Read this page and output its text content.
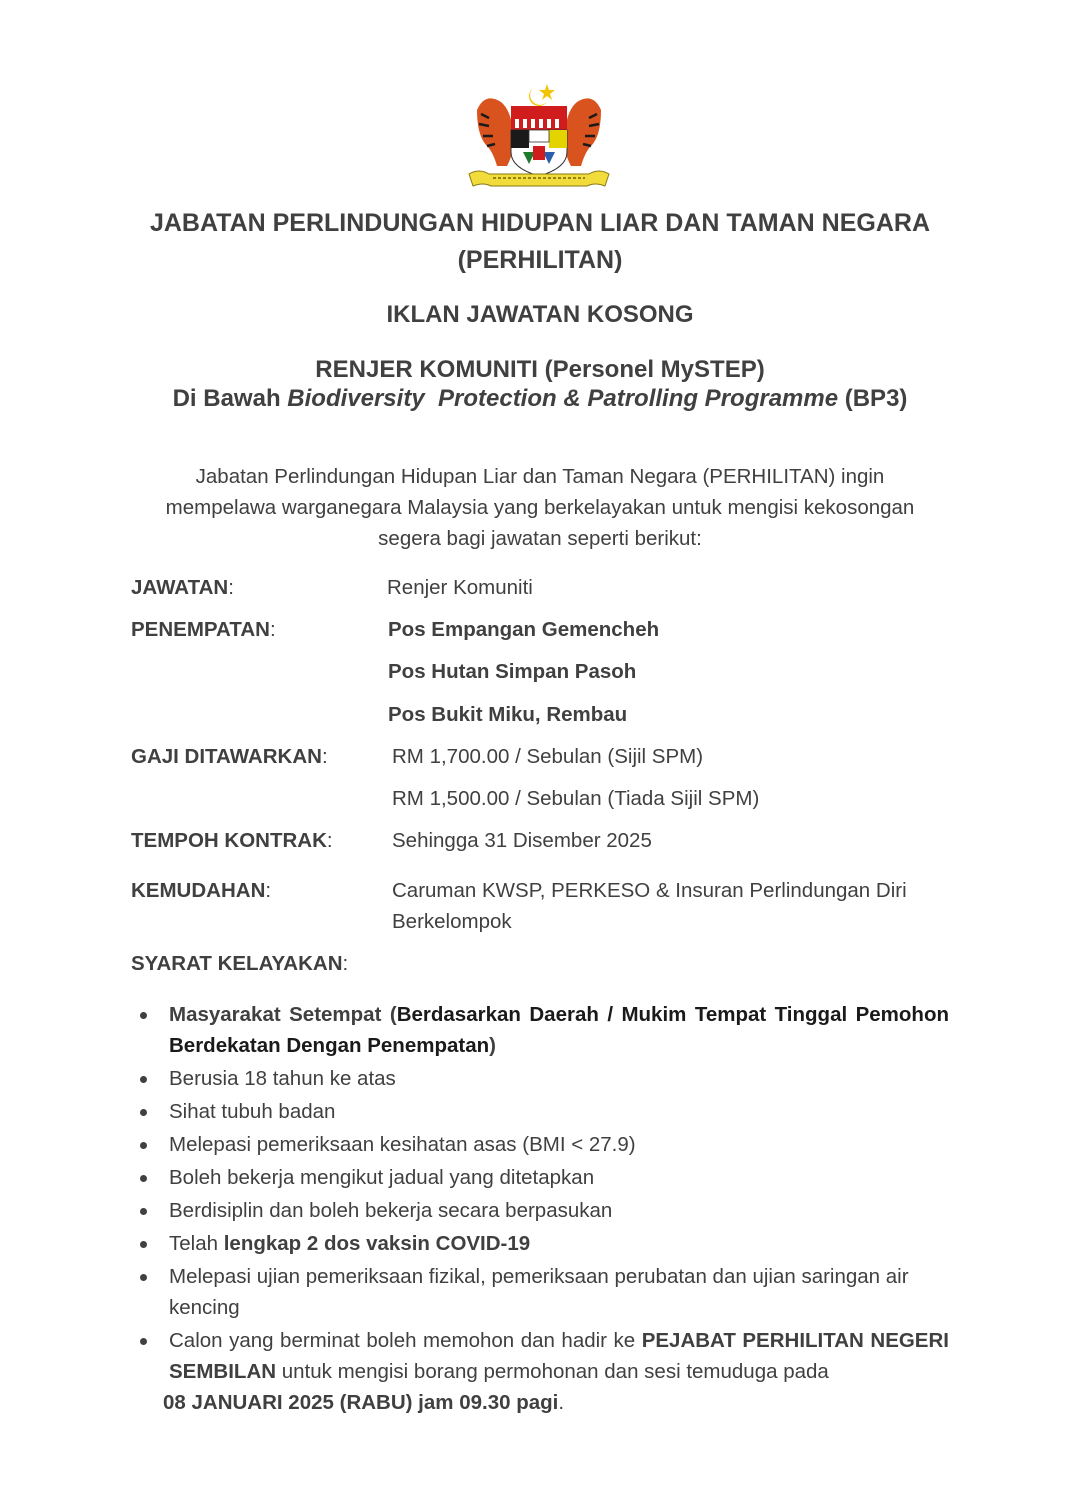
JABATAN PERLINDUNGAN HIDUPAN LIAR DAN TAMAN NEGARA
(PERHILITAN)
IKLAN JAWATAN KOSONG
RENJER KOMUNITI (Personel MySTEP)
Di Bawah Biodiversity  Protection & Patrolling Programme (BP3)
Jabatan Perlindungan Hidupan Liar dan Taman Negara (PERHILITAN) ingin
mempelawa warganegara Malaysia yang berkelayakan untuk mengisi kekosongan
segera bagi jawatan seperti berikut:
JAWATAN:	Renjer Komuniti
PENEMPATAN:	Pos Empangan Gemencheh
Pos Hutan Simpan Pasoh
Pos Bukit Miku, Rembau
GAJI DITAWARKAN:	RM 1,700.00 / Sebulan (Sijil SPM)
RM 1,500.00 / Sebulan (Tiada Sijil SPM)
TEMPOH KONTRAK:	Sehingga 31 Disember 2025
KEMUDAHAN:	Caruman KWSP, PERKESO & Insuran Perlindungan Diri
Berkelompok
SYARAT KELAYAKAN:
Masyarakat Setempat (Berdasarkan Daerah / Mukim Tempat Tinggal Pemohon Berdekatan Dengan Penempatan)
Berusia 18 tahun ke atas
Sihat tubuh badan
Melepasi pemeriksaan kesihatan asas (BMI < 27.9)
Boleh bekerja mengikut jadual yang ditetapkan
Berdisiplin dan boleh bekerja secara berpasukan
Telah lengkap 2 dos vaksin COVID-19
Melepasi ujian pemeriksaan fizikal, pemeriksaan perubatan dan ujian saringan air kencing
Calon yang berminat boleh memohon dan hadir ke PEJABAT PERHILITAN NEGERI SEMBILAN untuk mengisi borang permohonan dan sesi temuduga pada
08 JANUARI 2025 (RABU) jam 09.30 pagi.
